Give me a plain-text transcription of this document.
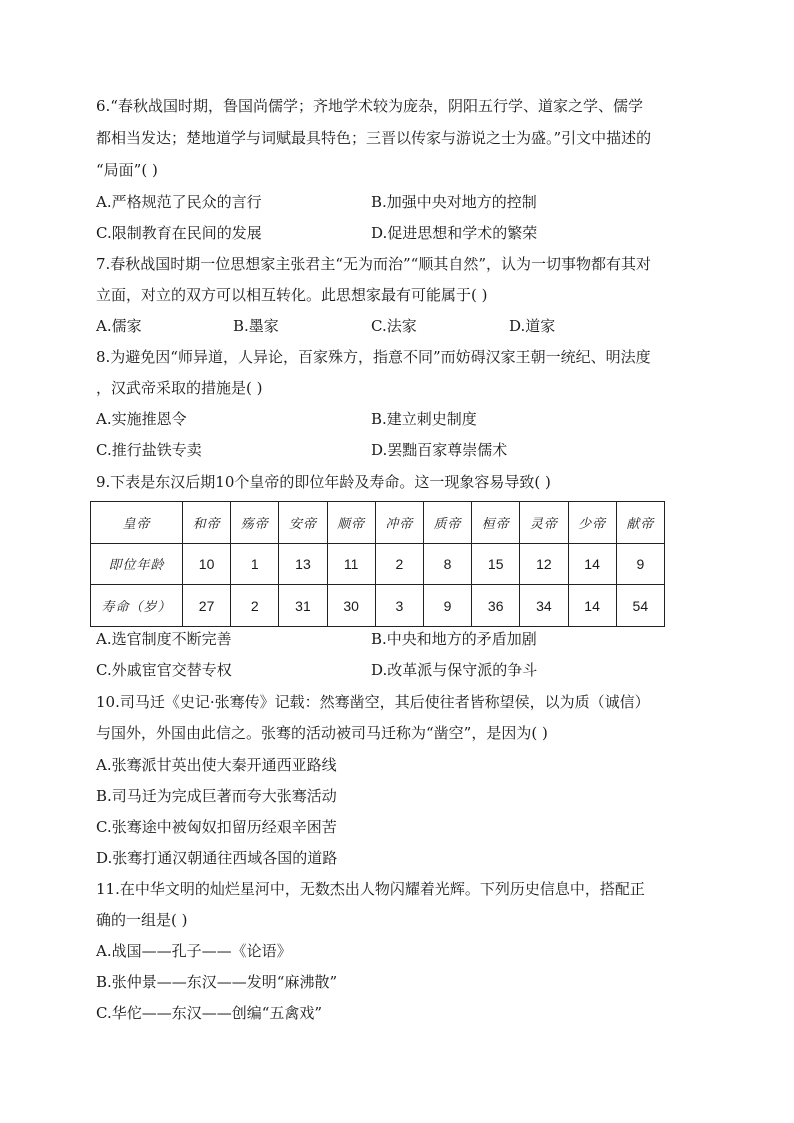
6.“春秋战国时期，鲁国尚儒学；齐地学术较为庞杂，阴阳五行学、道家之学、儒学
都相当发达；楚地道学与词赋最具特色；三晋以传家与游说之士为盛。”引文中描述的
“局面”( )
A.严格规范了民众的言行	B.加强中央对地方的控制
C.限制教育在民间的发展	D.促进思想和学术的繁荣
7.春秋战国时期一位思想家主张君主“无为而治”“顺其自然”，认为一切事物都有其对
立面，对立的双方可以相互转化。此思想家最有可能属于( )
A.儒家	B.墨家	C.法家	D.道家
8.为避免因“师异道，人异论，百家殊方，指意不同”而妨碍汉家王朝一统纪、明法度
，汉武帝采取的措施是( )
A.实施推恩令	B.建立刺史制度
C.推行盐铁专卖	D.罢黜百家尊崇儒术
9.下表是东汉后期10个皇帝的即位年龄及寿命。这一现象容易导致( )
皇帝	和帝	殇帝	安帝	顺帝	冲帝	质帝	桓帝	灵帝	少帝	献帝
即位年龄	10	1	13	11	2	8	15	12	14	9
寿命（岁）	27	2	31	30	3	9	36	34	14	54
A.选官制度不断完善	B.中央和地方的矛盾加剧
C.外戚宦官交替专权	D.改革派与保守派的争斗
10.司马迁《史记·张骞传》记载：然骞凿空，其后使往者皆称望侯，以为质（诚信）
与国外，外国由此信之。张骞的活动被司马迁称为“凿空”，是因为( )
A.张骞派甘英出使大秦开通西亚路线
B.司马迁为完成巨著而夸大张骞活动
C.张骞途中被匈奴扣留历经艰辛困苦
D.张骞打通汉朝通往西域各国的道路
11.在中华文明的灿烂星河中，无数杰出人物闪耀着光辉。下列历史信息中，搭配正
确的一组是( )
A.战国——孔子——《论语》
B.张仲景——东汉——发明“麻沸散”
C.华佗——东汉——创编“五禽戏”
